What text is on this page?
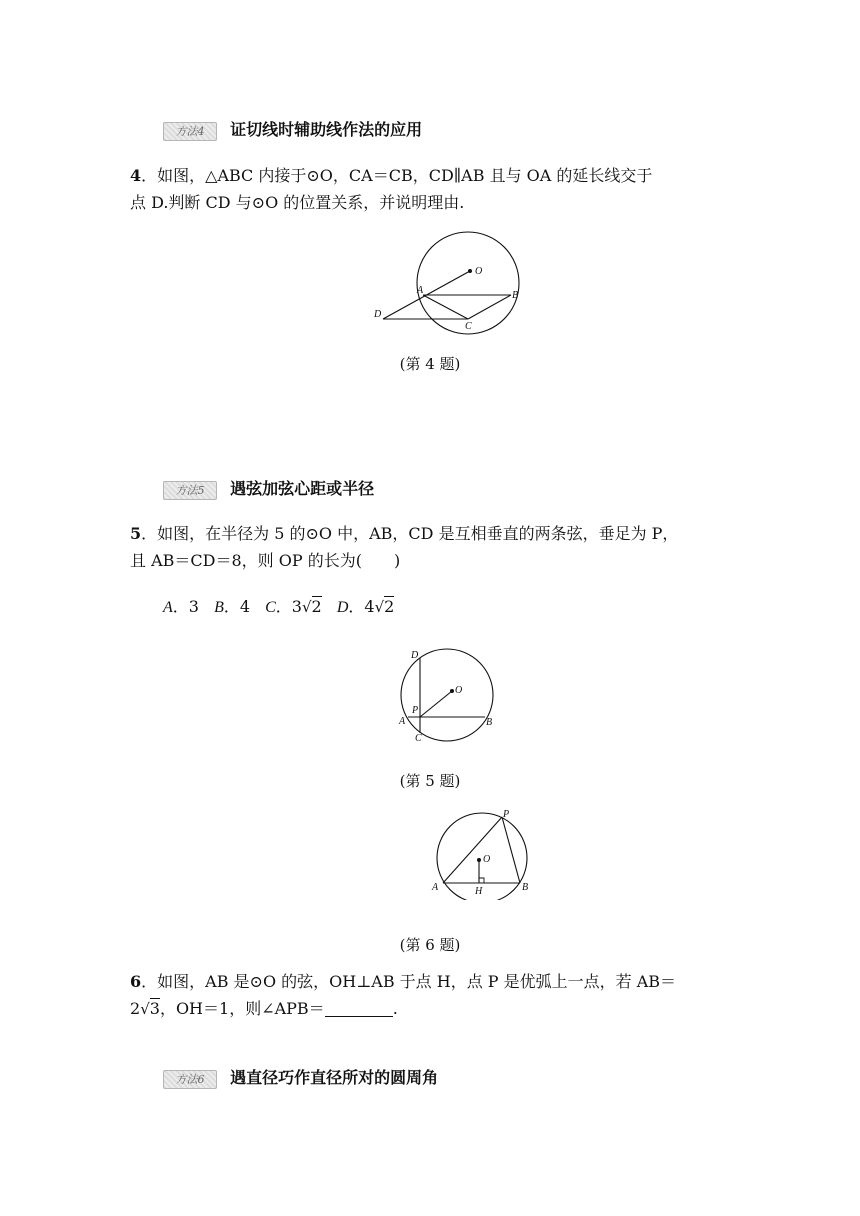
方法4 证切线时辅助线作法的应用
4．如图，△ABC 内接于⊙O，CA＝CB，CD∥AB 且与 OA 的延长线交于
点 D.判断 CD 与⊙O 的位置关系，并说明理由.
O
A	B
C
D
(第 4 题)
方法5 遇弦加弦心距或半径
5．如图，在半径为 5 的⊙O 中，AB，CD 是互相垂直的两条弦，垂足为 P，
且 AB＝CD＝8，则 OP 的长为(　　)
A．3 B．4 C．3√2 D．4√2
O
D
P
A	B
C
(第 5 题)
O
P
A	B
H
(第 6 题)
6．如图，AB 是⊙O 的弦，OH⊥AB 于点 H，点 P 是优弧上一点，若 AB＝
2√3，OH＝1，则∠APB＝	.
方法6 遇直径巧作直径所对的圆周角
